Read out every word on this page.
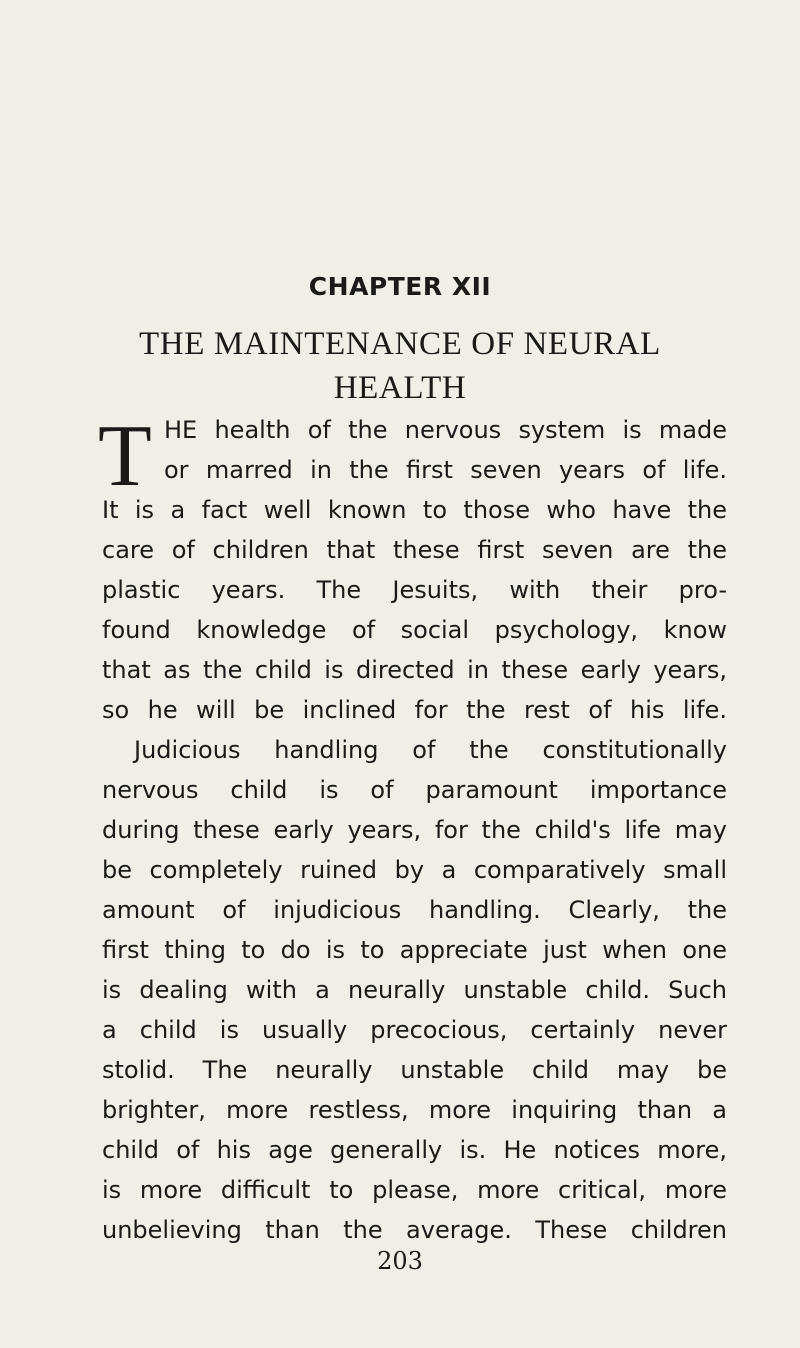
CHAPTER XII
THE MAINTENANCE OF NEURAL
HEALTH
T HE health of the nervous system is made
or marred in the first seven years of life.
It is a fact well known to those who have the
care of children that these first seven are the
plastic years. The Jesuits, with their pro-
found knowledge of social psychology, know
that as the child is directed in these early years,
so he will be inclined for the rest of his life.
Judicious handling of the constitutionally
nervous child is of paramount importance
during these early years, for the child's life may
be completely ruined by a comparatively small
amount of injudicious handling. Clearly, the
first thing to do is to appreciate just when one
is dealing with a neurally unstable child. Such
a child is usually precocious, certainly never
stolid. The neurally unstable child may be
brighter, more restless, more inquiring than a
child of his age generally is. He notices more,
is more difficult to please, more critical, more
unbelieving than the average. These children
203
